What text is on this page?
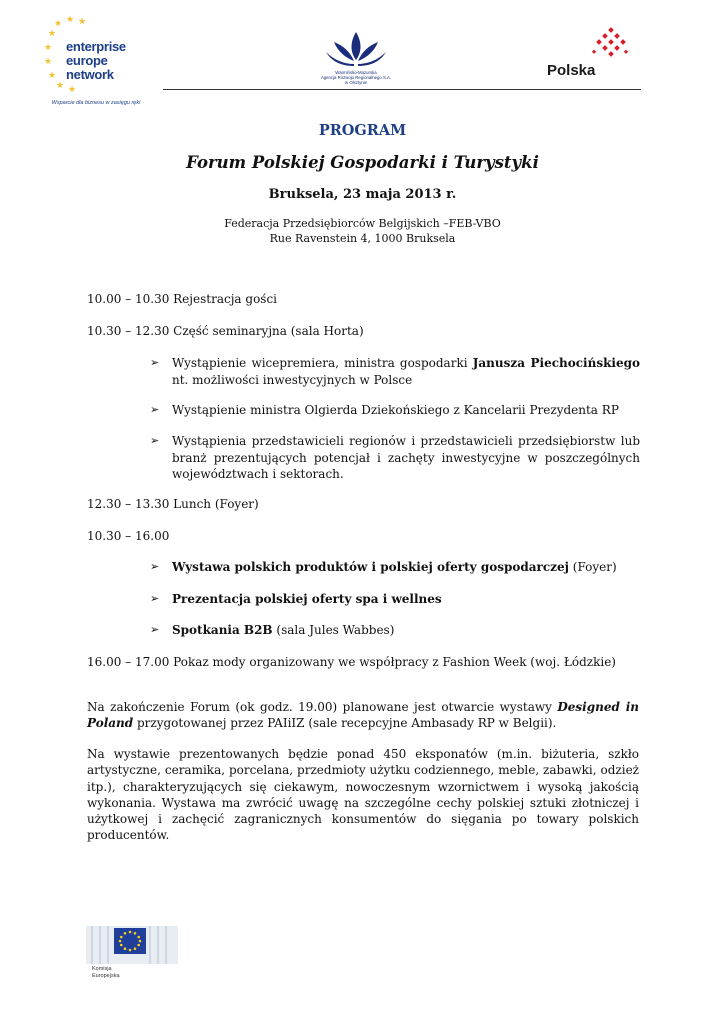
★
★ ★ ★
★
★
★
★ ★
enterprise
europe
network
Wsparcie dla biznesu w zasięgu ręki
Warmińsko-Mazurska
Agencja Rozwoju Regionalnego S.A.
w Olsztynie
Polska
PROGRAM
Forum Polskiej Gospodarki i Turystyki
Bruksela, 23 maja 2013 r.
Federacja Przedsiębiorców Belgijskich –FEB-VBO
Rue Ravenstein 4, 1000 Bruksela
10.00 – 10.30 Rejestracja gości
10.30 – 12.30 Część seminaryjna (sala Horta)
➢	Wystąpienie wicepremiera, ministra gospodarki Janusza Piechocińskiego nt. możliwości inwestycyjnych w Polsce
➢	Wystąpienie ministra Olgierda Dziekońskiego z Kancelarii Prezydenta RP
➢	Wystąpienia przedstawicieli regionów i przedstawicieli przedsiębiorstw lub branż prezentujących potencjał i zachęty inwestycyjne w poszczególnych województwach i sektorach.
12.30 – 13.30 Lunch (Foyer)
10.30 – 16.00
➢	Wystawa polskich produktów i polskiej oferty gospodarczej (Foyer)
➢	Prezentacja polskiej oferty spa i wellnes
➢	Spotkania B2B (sala Jules Wabbes)
16.00 – 17.00 Pokaz mody organizowany we współpracy z Fashion Week (woj. Łódzkie)
Na zakończenie Forum (ok godz. 19.00) planowane jest otwarcie wystawy Designed in Poland przygotowanej przez PAIiIZ (sale recepcyjne Ambasady RP w Belgii).
Na wystawie prezentowanych będzie ponad 450 eksponatów (m.in. biżuteria, szkło artystyczne, ceramika, porcelana, przedmioty użytku codziennego, meble, zabawki, odzież itp.), charakteryzujących się ciekawym, nowoczesnym wzornictwem i wysoką jakością wykonania. Wystawa ma zwrócić uwagę na szczególne cechy polskiej sztuki złotniczej i użytkowej i zachęcić zagranicznych konsumentów do sięgania po towary polskich producentów.
Komisja
Europejska
